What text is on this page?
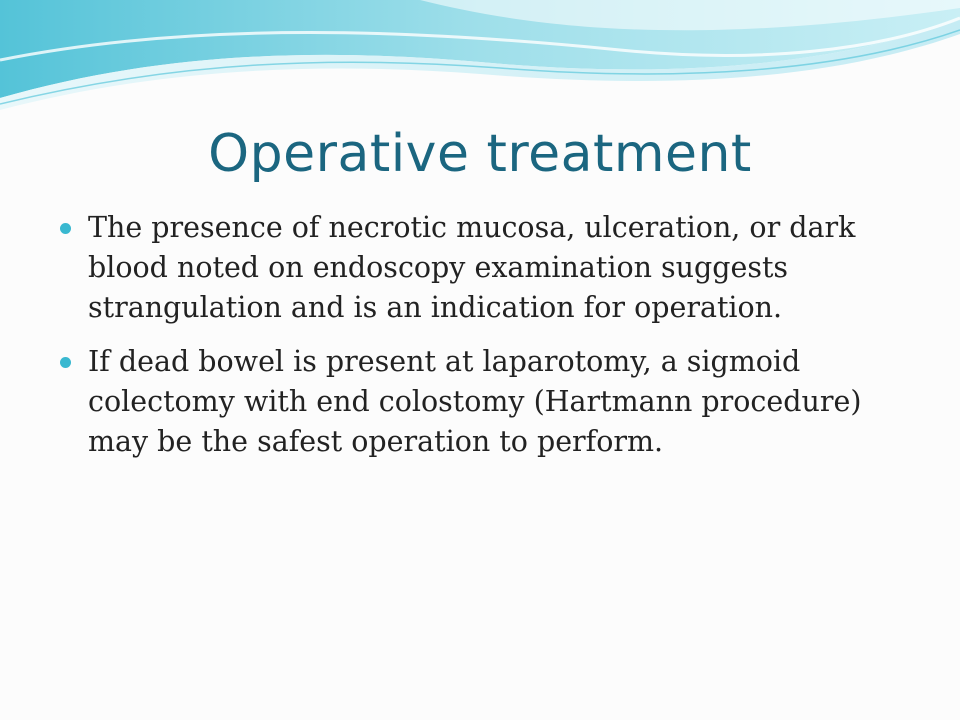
Operative treatment
The presence of necrotic mucosa, ulceration, or dark blood noted on endoscopy examination suggests strangulation and is an indication for operation.
If dead bowel is present at laparotomy, a sigmoid colectomy with end colostomy (Hartmann procedure) may be the safest operation to perform.
